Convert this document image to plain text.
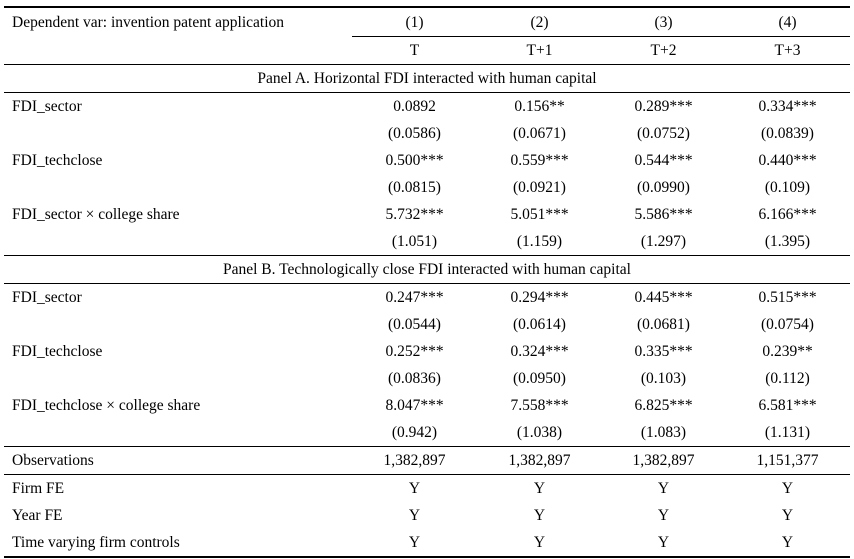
Dependent var: invention patent application	(1)	(2)	(3)	(4)
	T	T+1	T+2	T+3
Panel A. Horizontal FDI interacted with human capital				
FDI_sector	0.0892	0.156**	0.289***	0.334***
	(0.0586)	(0.0671)	(0.0752)	(0.0839)
FDI_techclose	0.500***	0.559***	0.544***	0.440***
	(0.0815)	(0.0921)	(0.0990)	(0.109)
FDI_sector × college share	5.732***	5.051***	5.586***	6.166***
	(1.051)	(1.159)	(1.297)	(1.395)
Panel B. Technologically close FDI interacted with human capital				
FDI_sector	0.247***	0.294***	0.445***	0.515***
	(0.0544)	(0.0614)	(0.0681)	(0.0754)
FDI_techclose	0.252***	0.324***	0.335***	0.239**
	(0.0836)	(0.0950)	(0.103)	(0.112)
FDI_techclose × college share	8.047***	7.558***	6.825***	6.581***
	(0.942)	(1.038)	(1.083)	(1.131)
Observations	1,382,897	1,382,897	1,382,897	1,151,377
Firm FE	Y	Y	Y	Y
Year FE	Y	Y	Y	Y
Time varying firm controls	Y	Y	Y	Y
